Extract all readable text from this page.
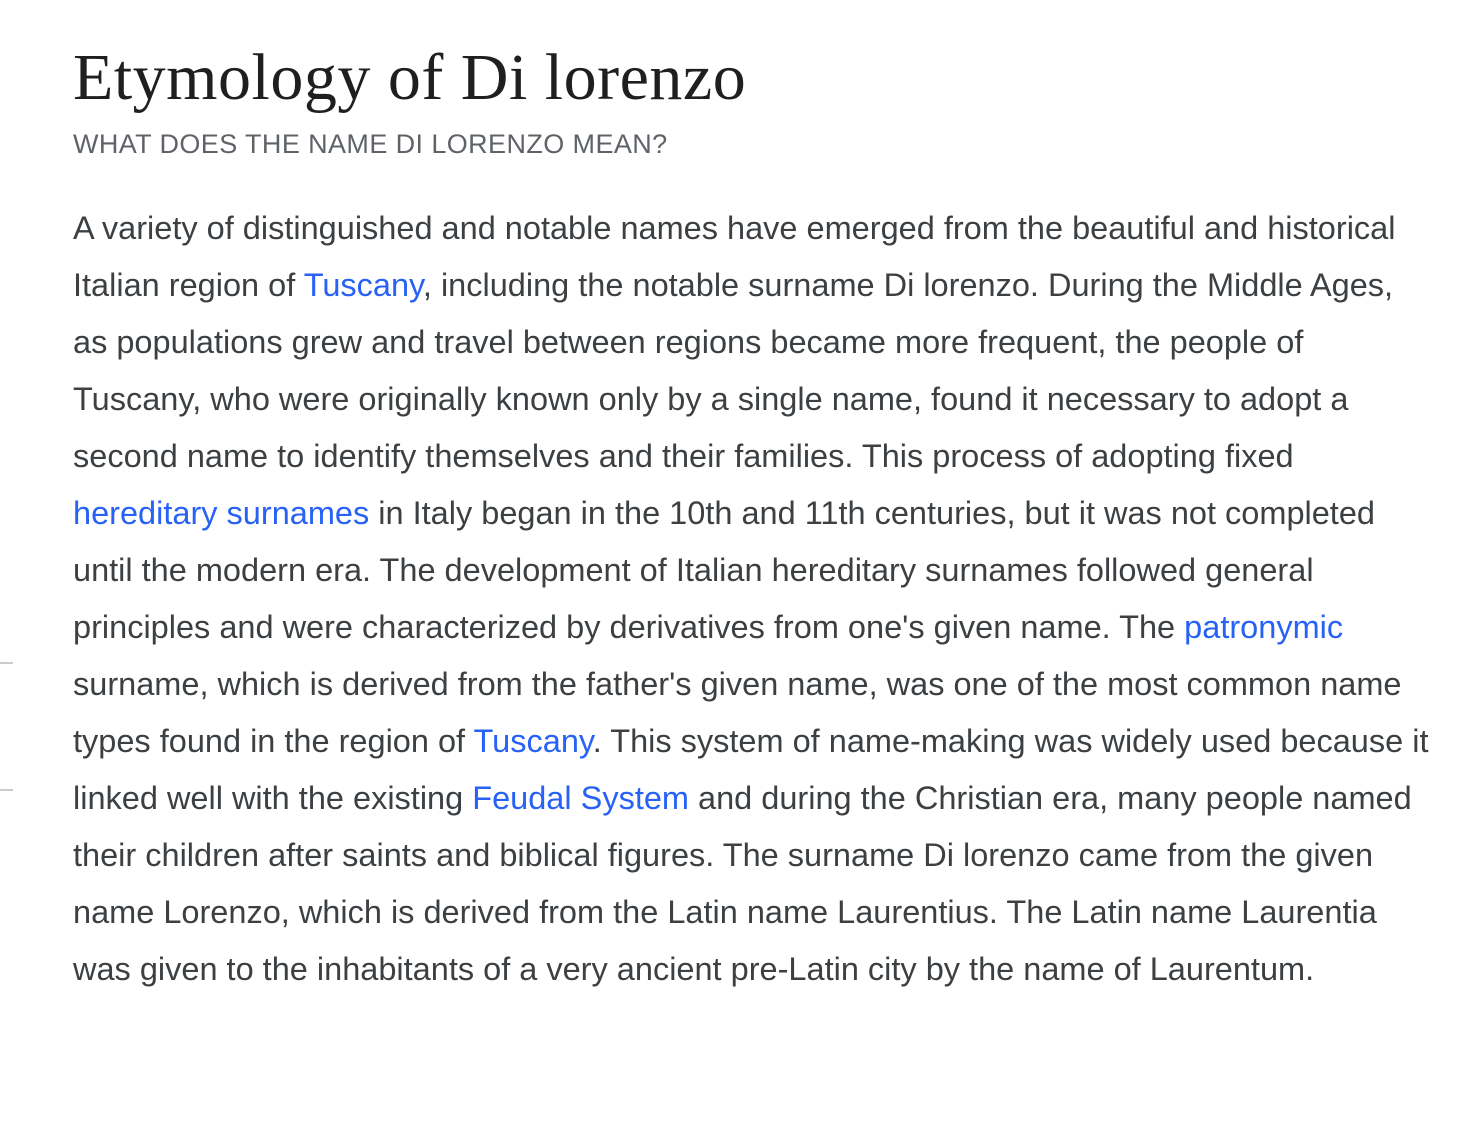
Etymology of Di lorenzo
WHAT DOES THE NAME DI LORENZO MEAN?

A variety of distinguished and notable names have emerged from the beautiful and historical Italian region of Tuscany, including the notable surname Di lorenzo. During the Middle Ages, as populations grew and travel between regions became more frequent, the people of Tuscany, who were originally known only by a single name, found it necessary to adopt a second name to identify themselves and their families. This process of adopting fixed hereditary surnames in Italy began in the 10th and 11th centuries, but it was not completed until the modern era. The development of Italian hereditary surnames followed general principles and were characterized by derivatives from one's given name. The patronymic surname, which is derived from the father's given name, was one of the most common name types found in the region of Tuscany. This system of name-making was widely used because it linked well with the existing Feudal System and during the Christian era, many people named their children after saints and biblical figures. The surname Di lorenzo came from the given name Lorenzo, which is derived from the Latin name Laurentius. The Latin name Laurentia was given to the inhabitants of a very ancient pre-Latin city by the name of Laurentum.
